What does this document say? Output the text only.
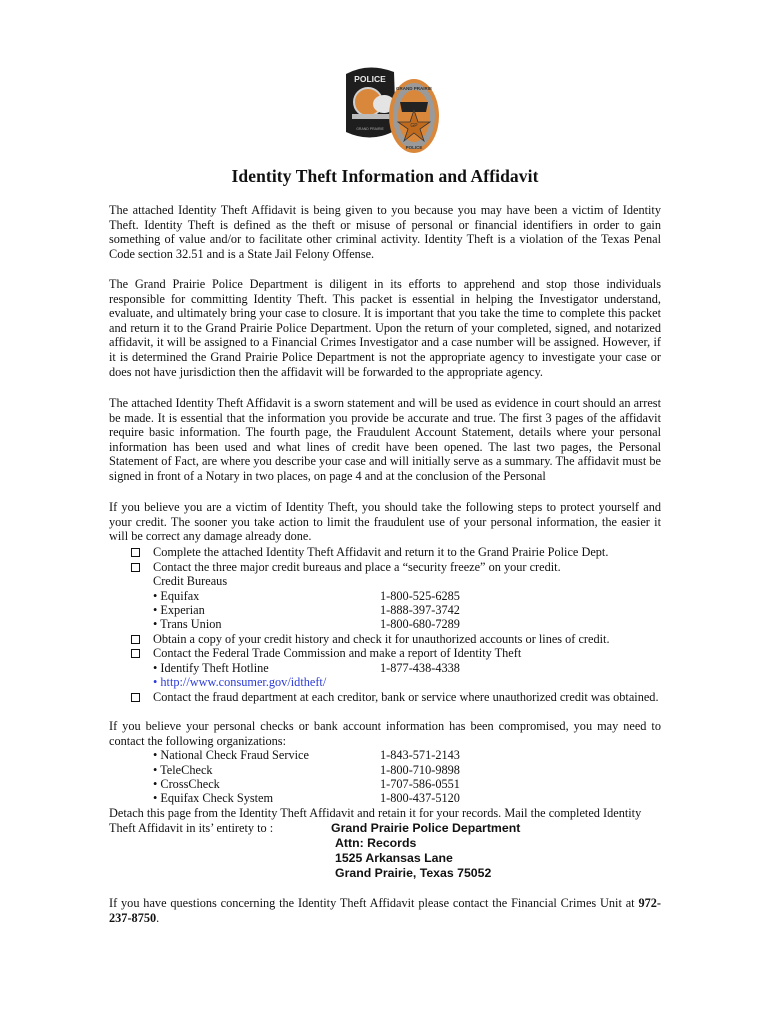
POLICE
GRAND PRAIRIE	GP
GRAND PRAIRIE
POLICE
Identity Theft Information and Affidavit
The attached Identity Theft Affidavit is being given to you because you may have been a victim of Identity Theft. Identity Theft is defined as the theft or misuse of personal or financial identifiers in order to gain something of value and/or to facilitate other criminal activity. Identity Theft is a violation of the Texas Penal Code section 32.51 and is a State Jail Felony Offense.
The Grand Prairie Police Department is diligent in its efforts to apprehend and stop those individuals responsible for committing Identity Theft. This packet is essential in helping the Investigator understand, evaluate, and ultimately bring your case to closure. It is important that you take the time to complete this packet and return it to the Grand Prairie Police Department. Upon the return of your completed, signed, and notarized affidavit, it will be assigned to a Financial Crimes Investigator and a case number will be assigned. However, if it is determined the Grand Prairie Police Department is not the appropriate agency to investigate your case or does not have jurisdiction then the affidavit will be forwarded to the appropriate agency.
The attached Identity Theft Affidavit is a sworn statement and will be used as evidence in court should an arrest be made. It is essential that the information you provide be accurate and true. The first 3 pages of the affidavit require basic information. The fourth page, the Fraudulent Account Statement, details where your personal information has been used and what lines of credit have been opened. The last two pages, the Personal Statement of Fact, are where you describe your case and will initially serve as a summary. The affidavit must be signed in front of a Notary in two places, on page 4 and at the conclusion of the Personal
If you believe you are a victim of Identity Theft, you should take the following steps to protect yourself and your credit. The sooner you take action to limit the fraudulent use of your personal information, the easier it will be correct any damage already done.
Complete the attached Identity Theft Affidavit and return it to the Grand Prairie Police Dept.
Contact the three major credit bureaus and place a “security freeze” on your credit.
Credit Bureaus
• Equifax	1-800-525-6285
• Experian	1-888-397-3742
• Trans Union	1-800-680-7289
Obtain a copy of your credit history and check it for unauthorized accounts or lines of credit.
Contact the Federal Trade Commission and make a report of Identity Theft
• Identify Theft Hotline	1-877-438-4338
• http://www.consumer.gov/idtheft/
Contact the fraud department at each creditor, bank or service where unauthorized credit was obtained.
If you believe your personal checks or bank account information has been compromised, you may need to contact the following organizations:
• National Check Fraud Service	1-843-571-2143
• TeleCheck	1-800-710-9898
• CrossCheck	1-707-586-0551
• Equifax Check System	1-800-437-5120
Detach this page from the Identity Theft Affidavit and retain it for your records. Mail the completed Identity
Theft Affidavit in its’ entirety to :	Grand Prairie Police Department
Attn: Records
1525 Arkansas Lane
Grand Prairie, Texas 75052
If you have questions concerning the Identity Theft Affidavit please contact the Financial Crimes Unit at 972-237-8750.
